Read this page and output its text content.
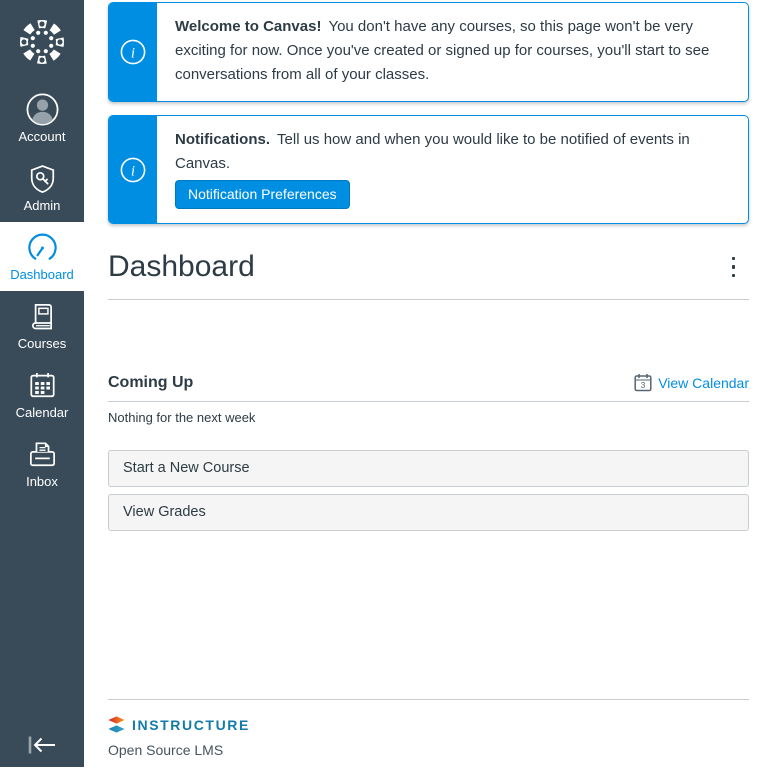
Account
Admin
Dashboard
Courses
Calendar
Inbox
i
Welcome to Canvas! You don't have any courses, so this page won't be very exciting for now. Once you've created or signed up for courses, you'll start to see conversations from all of your classes.
i
Notifications. Tell us how and when you would like to be notified of events in Canvas.
Notification Preferences
Dashboard
Coming Up	3 View Calendar
Nothing for the next week
Start a New Course
View Grades
INSTRUCTURE
Open Source LMS
